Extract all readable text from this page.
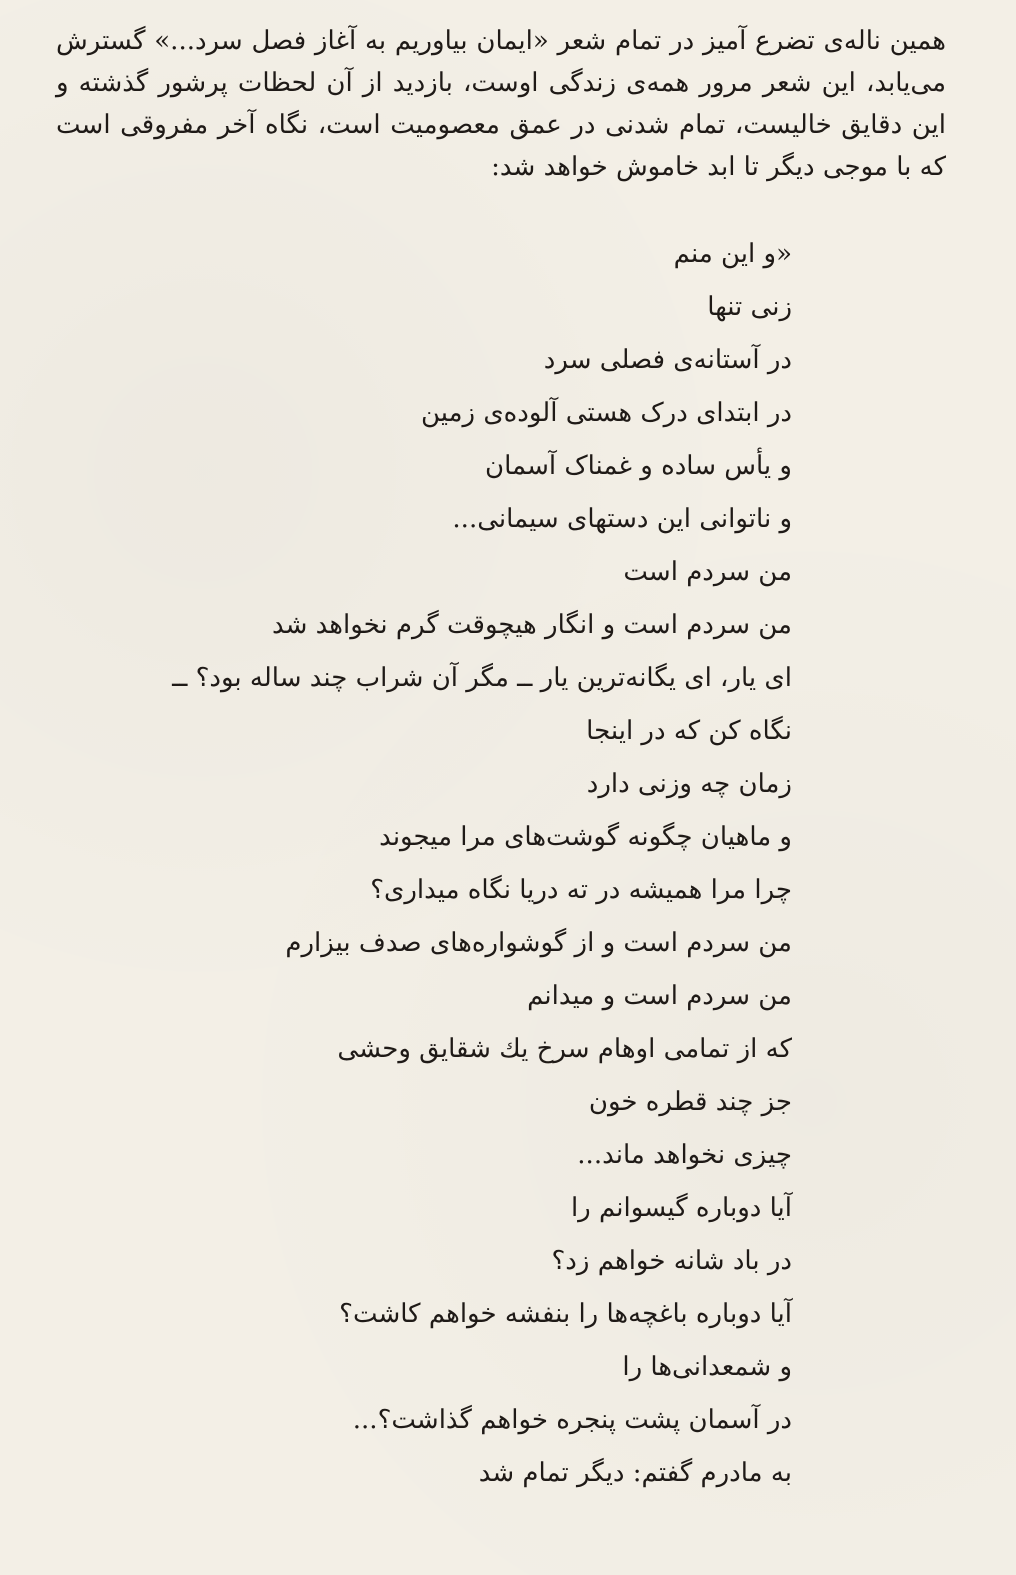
همین ناله‌ی تضرع آمیز در تمام شعر «ایمان بیاوریم به آغاز فصل سرد...» گسترش می‌یابد، این شعر مرور همه‌ی زندگی اوست، بازدید از آن لحظات پرشور گذشته و این دقایق خالیست، تمام شدنی در عمق معصومیت است، نگاه آخر مفروقی است که با موجی دیگر تا ابد خاموش خواهد شد:

«و این منم
زنی تنها
در آستانه‌ی فصلی سرد
در ابتدای درک هستی آلوده‌ی زمین
و یأس ساده و غمناک آسمان
و ناتوانی این دستهای سیمانی...
من سردم است
من سردم است و انگار هیچوقت گرم نخواهد شد
ای یار، ای یگانه‌ترین یار ــ مگر آن شراب چند ساله بود؟ ــ
نگاه کن که در اینجا
زمان چه وزنی دارد
و ماهیان چگونه گوشت‌های مرا میجوند
چرا مرا همیشه در ته دریا نگاه میداری؟
من سردم است و از گوشواره‌های صدف بیزارم
من سردم است و میدانم
که از تمامی اوهام سرخ یك شقایق وحشی
جز چند قطره خون
چیزی نخواهد ماند...
آیا دوباره گیسوانم را
در باد شانه خواهم زد؟
آیا دوباره باغچه‌ها را بنفشه خواهم کاشت؟
و شمعدانی‌ها را
در آسمان پشت پنجره خواهم گذاشت؟...
به مادرم گفتم: دیگر تمام شد
